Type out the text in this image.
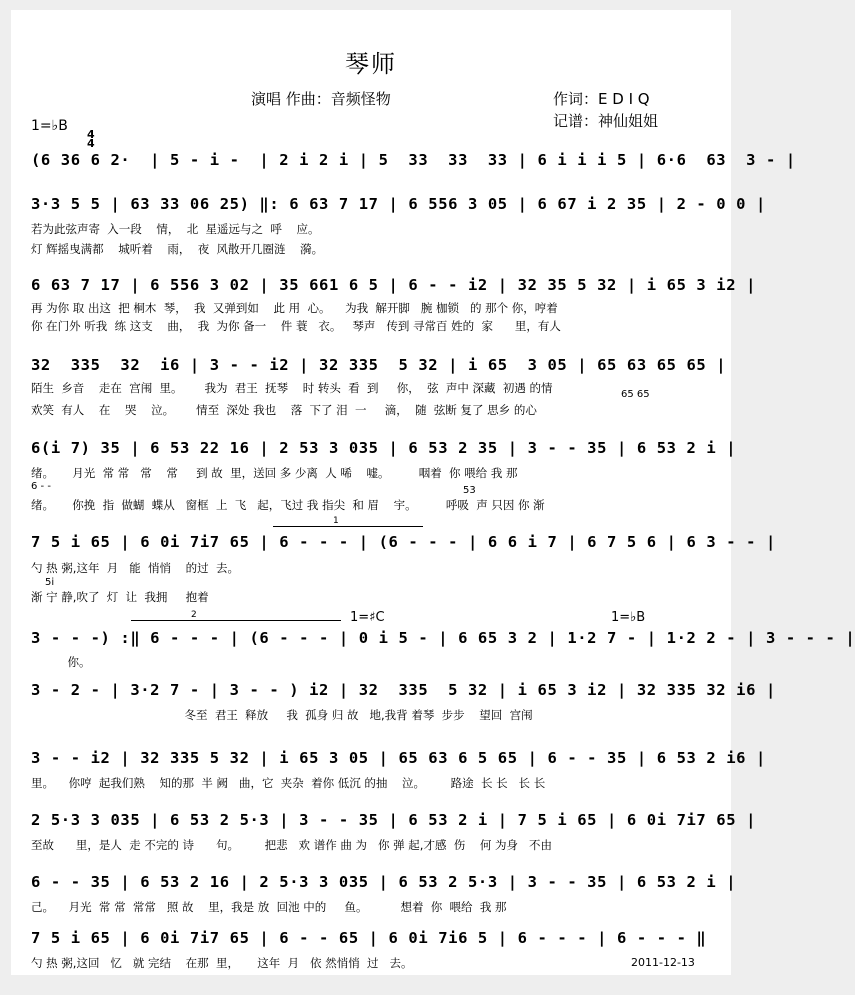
琴师
演唱 作曲：音频怪物	作词：E D I Q
记谱：神仙姐姐
1=♭B
4
4
(6 36 6 2·  | 5 - i -  | 2 i 2 i | 5  33  33  33 | 6 i i i 5 | 6·6  63  3 - |
3·3 5 5 | 63 33 06 25) ‖: 6 63 7 17 | 6 556 3 05 | 6 67 i 2 35 | 2 - 0 0 |
若为此弦声寄  入一段    情，  北  星遥远与之  呼    应。
灯 辉摇曳满都    城听着    雨，  夜  风散开几圈涟    漪。
6 63 7 17 | 6 556 3 02 | 35 661 6 5 | 6 - - i2 | 32 35 5 32 | i 65 3 i2 |
再 为你 取 出这  把 桐木  琴，  我  又弹到如    此 用  心。    为我  解开脚   腕 枷锁   的 那个 你，哼着
你 在门外 听我  练 这支    曲，  我  为你 备一    件 蓑   衣。   琴声   传到 寻常百 姓的  家      里，有人
32  335  32  i6 | 3 - - i2 | 32 335  5 32 | i 65  3 05 | 65 63 65 65 |
陌生  乡音    走在  宫闱  里。      我为  君王  抚琴    时 转头  看  到     你，  弦  声中 深藏  初遇 的情	65 65
欢笑  有人    在    哭    泣。      情至  深处 我也    落  下了 泪  一     滴，  随  弦断 复了 思乡 的心
6(i 7) 35 | 6 53 22 16 | 2 53 3 035 | 6 53 2 35 | 3 - - 35 | 6 53 2 i |
绪。     月光  常 常   常    常     到 故  里，送回 多 少离  人 唏    嘘。        咽着  你 喂给 我 那
6 - -	53
绪。     你挽  指  做蝴  蝶从   窗框  上  飞   起，飞过 我 指尖  和 眉    宇。        呼吸  声 只因 你 渐
1
7 5 i 65 | 6 0i 7i7 65 | 6 - - - | (6 - - - | 6 6 i 7 | 6 7 5 6 | 6 3 - - |
勺 热 粥,这年  月   能  悄悄    的过  去。
5i
渐 宁 静,吹了  灯  让  我拥     抱着
2	1=♯C	1=♭B
3 - - -) :‖ 6 - - - | (6 - - - | 0 i 5 - | 6 65 3 2 | 1·2 7 - | 1·2 2 - | 3 - - - |
你。
3 - 2 - | 3·2 7 - | 3 - - ) i2 | 32  335  5 32 | i 65 3 i2 | 32 335 32 i6 |
冬至  君王  释放     我  孤身 归 故   地,我背 着琴  步步    望回  宫闱
3 - - i2 | 32 335 5 32 | i 65 3 05 | 65 63 6 5 65 | 6 - - 35 | 6 53 2 i6 |
里。    你哼  起我们熟    知的那  半 阙   曲，它  夹杂  着你 低沉 的抽    泣。       路途  长 长   长 长
2 5·3 3 035 | 6 53 2 5·3 | 3 - - 35 | 6 53 2 i | 7 5 i 65 | 6 0i 7i7 65 |
至故      里，是人  走 不完的 诗      句。       把悲   欢 谱作 曲 为   你 弹 起,才感  伤    何 为身   不由
6 - - 35 | 6 53 2 16 | 2 5·3 3 035 | 6 53 2 5·3 | 3 - - 35 | 6 53 2 i |
己。    月光  常 常  常常   照 故    里，我是 放  回池 中的     鱼。         想着  你  喂给  我 那
7 5 i 65 | 6 0i 7i7 65 | 6 - - 65 | 6 0i 7i6 5 | 6 - - - | 6 - - - ‖
勺 热 粥,这回   忆   就 完结    在那  里，     这年  月   依 然悄悄  过   去。	2011-12-13
